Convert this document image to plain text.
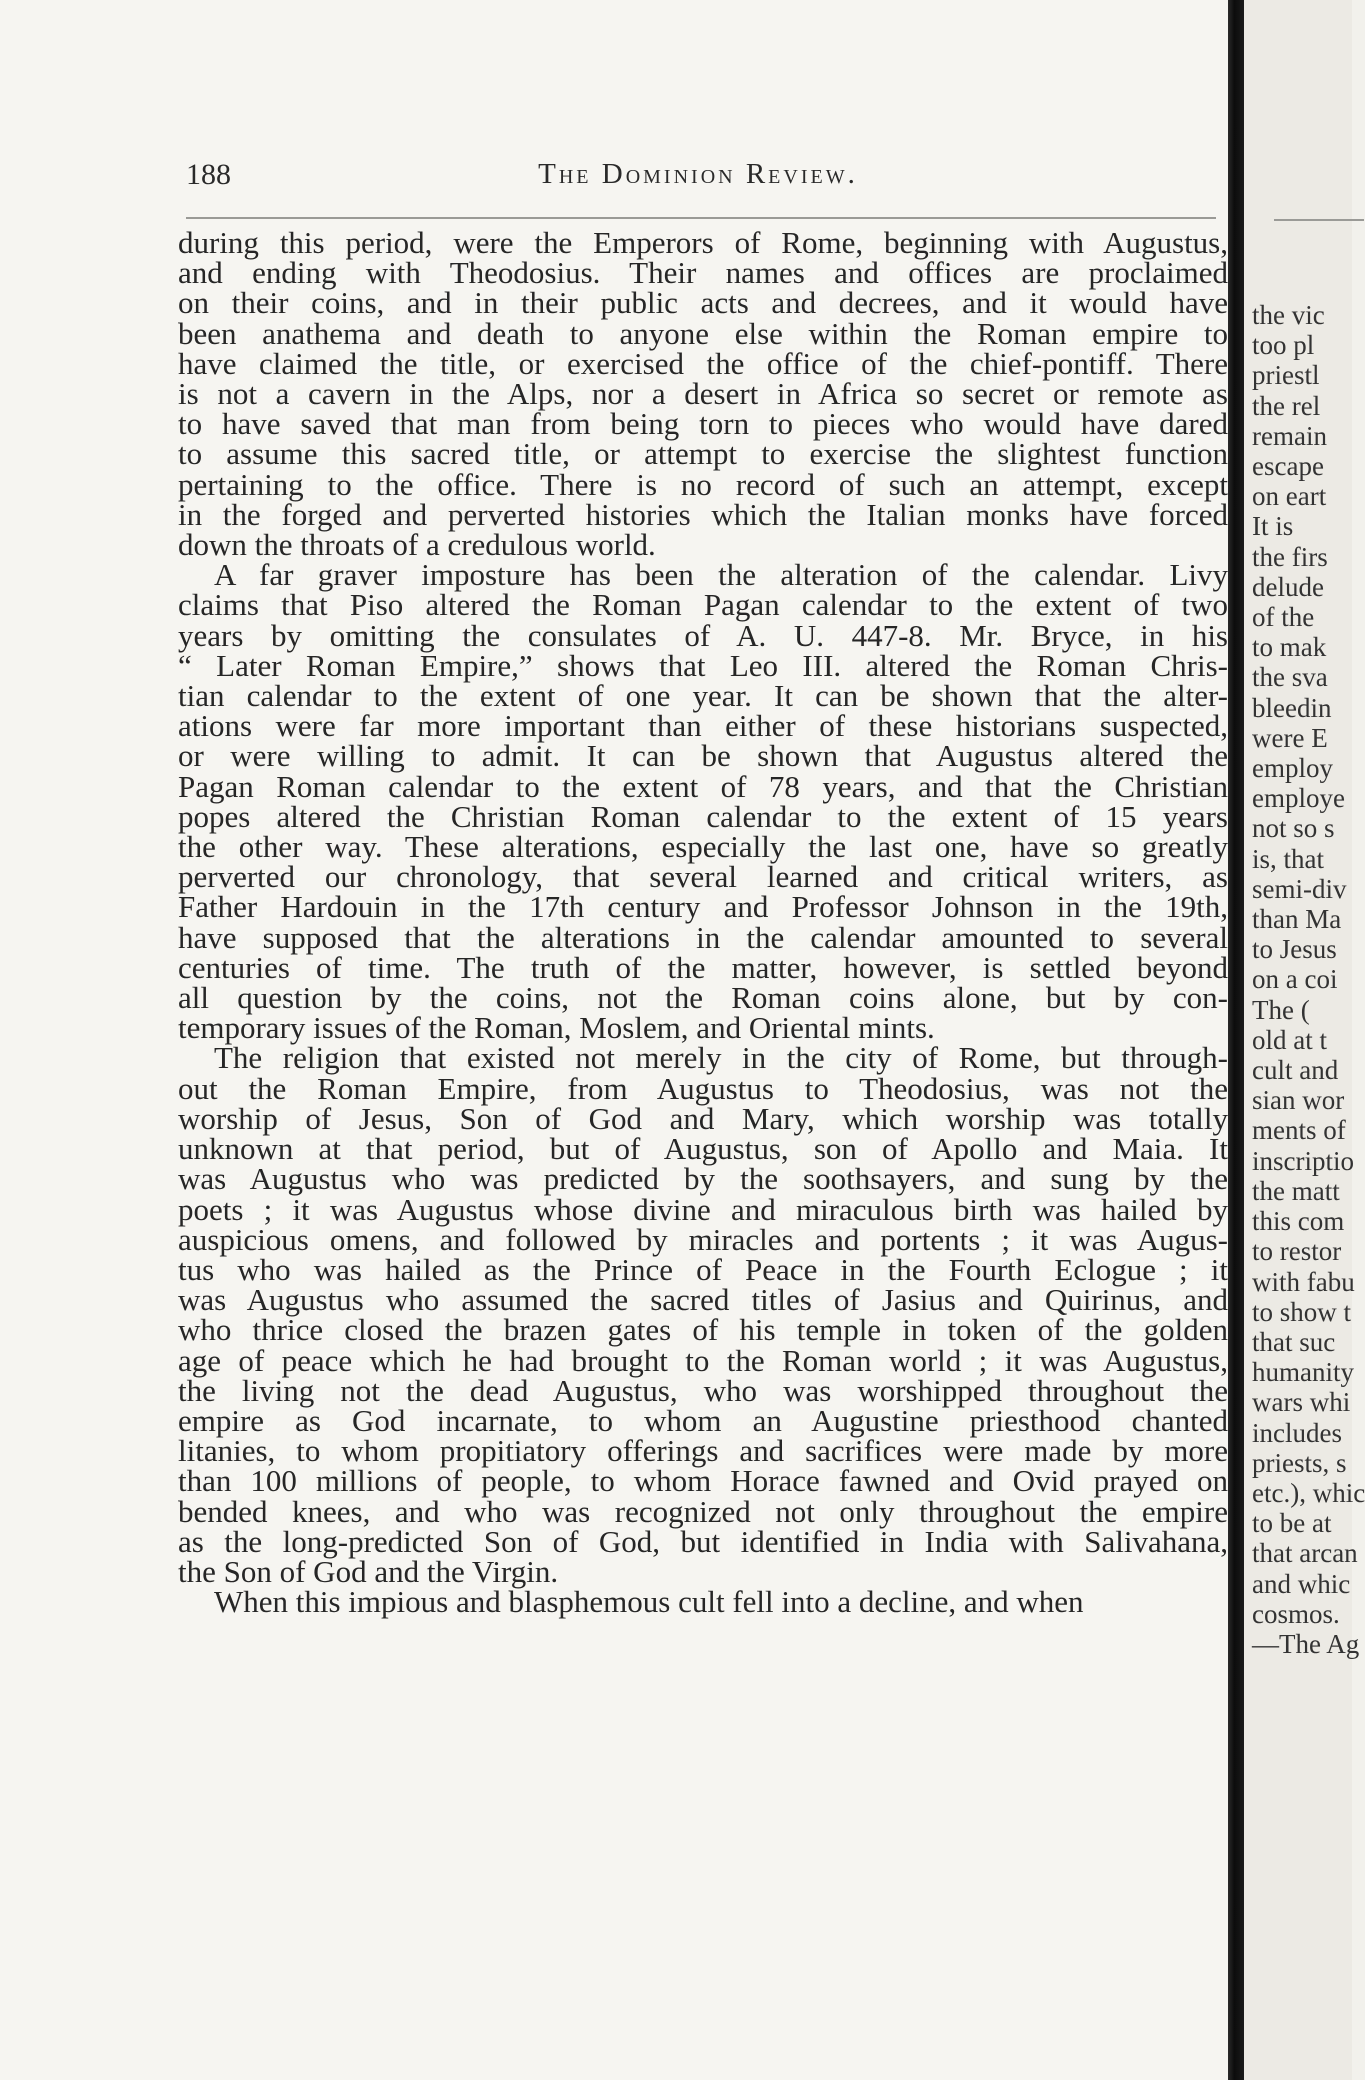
188	The Dominion Review.
during this period, were the Emperors of Rome, beginning with Augustus,
and ending with Theodosius. Their names and offices are proclaimed
on their coins, and in their public acts and decrees, and it would have
been anathema and death to anyone else within the Roman empire to
have claimed the title, or exercised the office of the chief-pontiff. There
is not a cavern in the Alps, nor a desert in Africa so secret or remote as
to have saved that man from being torn to pieces who would have dared
to assume this sacred title, or attempt to exercise the slightest function
pertaining to the office. There is no record of such an attempt, except
in the forged and perverted histories which the Italian monks have forced
down the throats of a credulous world.
A far graver imposture has been the alteration of the calendar. Livy
claims that Piso altered the Roman Pagan calendar to the extent of two
years by omitting the consulates of A. U. 447-8. Mr. Bryce, in his
“ Later Roman Empire,” shows that Leo III. altered the Roman Chris-
tian calendar to the extent of one year. It can be shown that the alter-
ations were far more important than either of these historians suspected,
or were willing to admit. It can be shown that Augustus altered the
Pagan Roman calendar to the extent of 78 years, and that the Christian
popes altered the Christian Roman calendar to the extent of 15 years
the other way. These alterations, especially the last one, have so greatly
perverted our chronology, that several learned and critical writers, as
Father Hardouin in the 17th century and Professor Johnson in the 19th,
have supposed that the alterations in the calendar amounted to several
centuries of time. The truth of the matter, however, is settled beyond
all question by the coins, not the Roman coins alone, but by con-
temporary issues of the Roman, Moslem, and Oriental mints.
The religion that existed not merely in the city of Rome, but through-
out the Roman Empire, from Augustus to Theodosius, was not the
worship of Jesus, Son of God and Mary, which worship was totally
unknown at that period, but of Augustus, son of Apollo and Maia. It
was Augustus who was predicted by the soothsayers, and sung by the
poets ; it was Augustus whose divine and miraculous birth was hailed by
auspicious omens, and followed by miracles and portents ; it was Augus-
tus who was hailed as the Prince of Peace in the Fourth Eclogue ; it
was Augustus who assumed the sacred titles of Jasius and Quirinus, and
who thrice closed the brazen gates of his temple in token of the golden
age of peace which he had brought to the Roman world ; it was Augustus,
the living not the dead Augustus, who was worshipped throughout the
empire as God incarnate, to whom an Augustine priesthood chanted
litanies, to whom propitiatory offerings and sacrifices were made by more
than 100 millions of people, to whom Horace fawned and Ovid prayed on
bended knees, and who was recognized not only throughout the empire
as the long-predicted Son of God, but identified in India with Salivahana,
the Son of God and the Virgin.
When this impious and blasphemous cult fell into a decline, and when
the vic
too pl
priestl
the rel
remain
escape
on eart
It is
the firs
delude
of the
to mak
the sva
bleedin
were E
employ
employe
not so s
is, that
semi-div
than Ma
to Jesus
on a coi
The (
old at t
cult and
sian wor
ments of
inscriptio
the matt
this com
to restor
with fabu
to show t
that suc
humanity
wars whi
includes
priests, s
etc.), whic
to be at
that arcan
and whic
cosmos.
—The Ag
